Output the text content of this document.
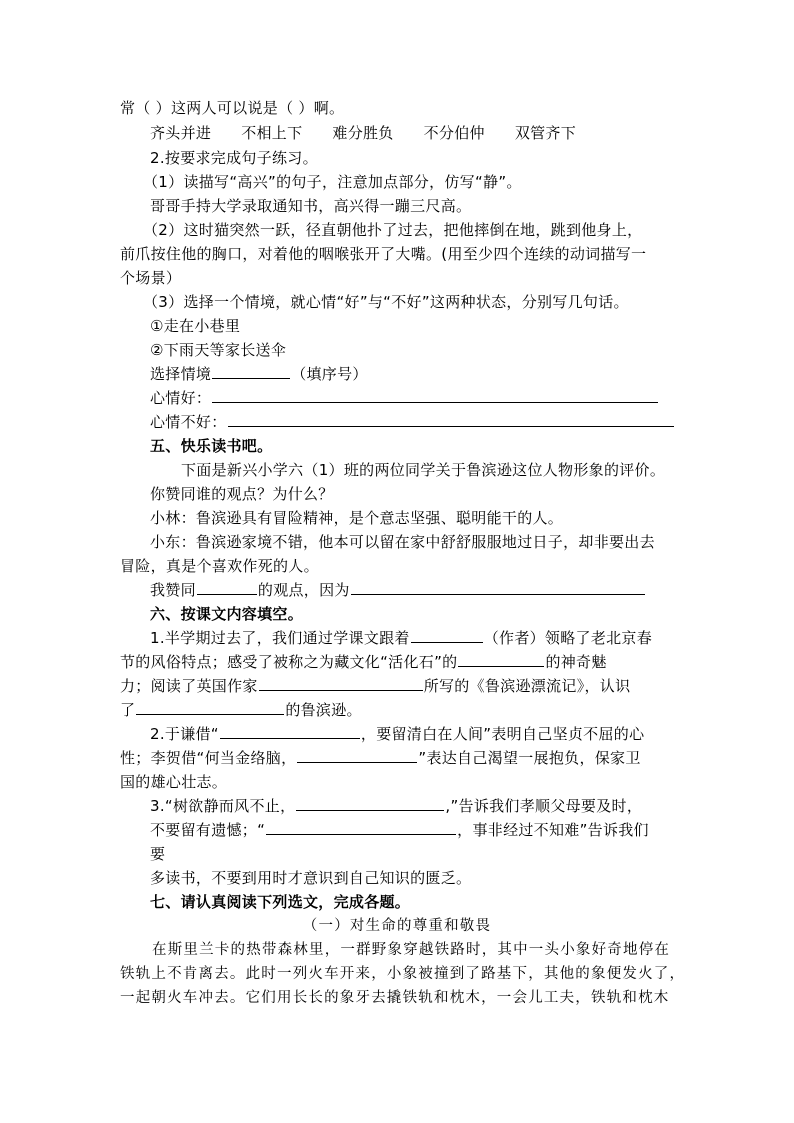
常（ ）这两人可以说是（ ）啊。
齐头并进 不相上下 难分胜负 不分伯仲 双管齐下
2.按要求完成句子练习。
（1）读描写“高兴”的句子，注意加点部分，仿写“静”。
哥哥手持大学录取通知书，高兴得一蹦三尺高。
（2）这时猫突然一跃，径直朝他扑了过去，把他摔倒在地，跳到他身上，
前爪按住他的胸口，对着他的咽喉张开了大嘴。(用至少四个连续的动词描写一
个场景）
（3）选择一个情境，就心情“好”与“不好”这两种状态，分别写几句话。
①走在小巷里
②下雨天等家长送伞
选择情境	（填序号）
心情好：
心情不好：
五、快乐读书吧。
下面是新兴小学六（1）班的两位同学关于鲁滨逊这位人物形象的评价。
你赞同谁的观点？为什么？
小林：鲁滨逊具有冒险精神，是个意志坚强、聪明能干的人。
小东：鲁滨逊家境不错，他本可以留在家中舒舒服服地过日子，却非要出去
冒险，真是个喜欢作死的人。
我赞同	的观点，因为
六、按课文内容填空。
1.半学期过去了，我们通过学课文跟着	（作者）领略了老北京春
节的风俗特点；感受了被称之为藏文化“活化石”的	的神奇魅
力；阅读了英国作家	所写的《鲁滨逊漂流记》，认识
了	的鲁滨逊。
2.于谦借“	，要留清白在人间”表明自己坚贞不屈的心
性；李贺借“何当金络脑，	”表达自己渴望一展抱负，保家卫
国的雄心壮志。
3.“树欲静而风不止，	,”告诉我们孝顺父母要及时，
不要留有遗憾；“	，事非经过不知难”告诉我们
要
多读书，不要到用时才意识到自己知识的匮乏。
七、请认真阅读下列选文，完成各题。
（一）对生命的尊重和敬畏
在斯里兰卡的热带森林里，一群野象穿越铁路时，其中一头小象好奇地停在
铁轨上不肯离去。此时一列火车开来，小象被撞到了路基下，其他的象便发火了，
一起朝火车冲去。它们用长长的象牙去撬铁轨和枕木，一会儿工夫，铁轨和枕木
